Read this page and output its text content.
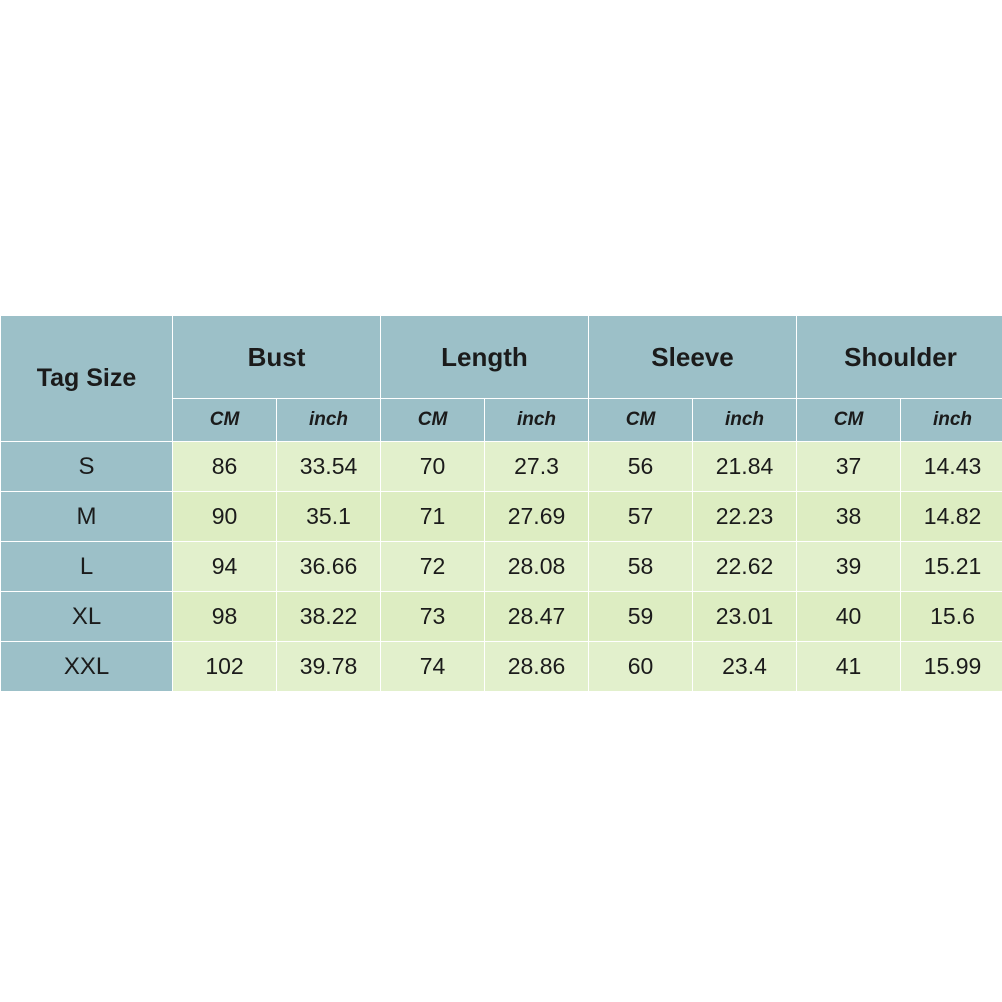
Tag Size	Bust		Length		Sleeve		Shoulder	
	CM	inch	CM	inch	CM	inch	CM	inch
S	86	33.54	70	27.3	56	21.84	37	14.43
M	90	35.1	71	27.69	57	22.23	38	14.82
L	94	36.66	72	28.08	58	22.62	39	15.21
XL	98	38.22	73	28.47	59	23.01	40	15.6
XXL	102	39.78	74	28.86	60	23.4	41	15.99
